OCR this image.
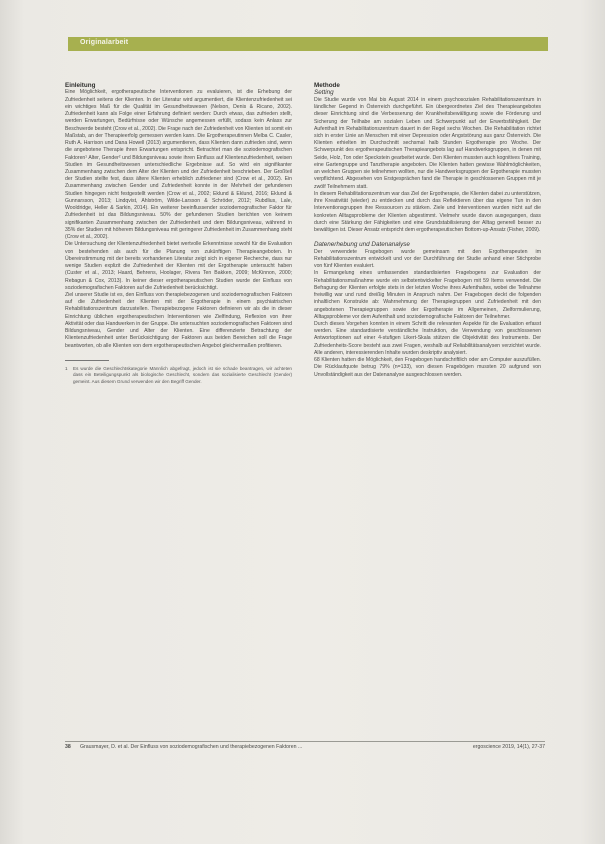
Originalarbeit
Einleitung

Eine Möglichkeit, ergotherapeutische Interventionen zu evaluieren, ist die Erhebung der Zufriedenheit seitens der Klienten. In der Literatur wird argumentiert, die Klientenzufriedenheit sei ein wichtiges Maß für die Qualität im Gesundheitswesen (Nelson, Denis & Ricano, 2002). Zufriedenheit kann als Folge einer Erfahrung definiert werden: Durch etwas, das zufrieden stellt, werden Erwartungen, Bedürfnisse oder Wünsche angemessen erfüllt, sodass kein Anlass zur Beschwerde besteht (Crow et al., 2002). Die Frage nach der Zufriedenheit von Klienten ist somit ein Maßstab, an der Therapieerfolg gemessen werden kann. Die Ergotherapeutinnen Melba C. Casler, Ruth A. Harrison und Dana Howell (2013) argumentieren, dass Klienten dann zufrieden sind, wenn die angebotene Therapie ihren Erwartungen entspricht. Betrachtet man die soziodemografischen Faktoren¹ Alter, Gender² und Bildungsniveau sowie ihren Einfluss auf Klientenzufriedenheit, weisen Studien im Gesundheitswesen unterschiedliche Ergebnisse auf. So wird ein signifikanter Zusammenhang zwischen dem Alter der Klienten und der Zufriedenheit beschrieben. Der Großteil der Studien stellte fest, dass ältere Klienten erheblich zufriedener sind (Crow et al., 2002). Ein Zusammenhang zwischen Gender und Zufriedenheit konnte in der Mehrheit der gefundenen Studien hingegen nicht festgestellt werden (Crow et al., 2002; Eklund & Eklund, 2016; Eklund & Gunnarsson, 2013; Lindqvist, Ahlström, Wilde-Larsson & Schröder, 2012; Rubdlius, Lale, Wooldridge, Heller & Sarkin, 2014). Ein weiterer beeinflussender soziodemografischer Faktor für Zufriedenheit ist das Bildungsniveau. 50% der gefundenen Studien berichten von keinem signifikanten Zusammenhang zwischen der Zufriedenheit und dem Bildungsniveau, während in 35% der Studien mit höherem Bildungsniveau mit geringerer Zufriedenheit im Zusammenhang steht (Crow et al., 2002).

Die Untersuchung der Klientenzufriedenheit bietet wertvolle Erkenntnisse sowohl für die Evaluation von bestehenden als auch für die Planung von zukünftigen Therapieangeboten. In Übereinstimmung mit der bereits vorhandenen Literatur zeigt sich in eigener Recherche, dass nur wenige Studien explizit die Zufriedenheit der Klienten mit der Ergotherapie untersucht haben (Custer et al., 2013; Haard, Behrens, Hoolager, Rivera Ten Bakken, 2009; McKinnon, 2000; Rebagun & Cox, 2013). In keiner dieser ergotherapeutischen Studien wurde der Einfluss von soziodemografischen Faktoren auf die Zufriedenheit berücksichtigt.

Ziel unserer Studie ist es, den Einfluss von therapiebezogenen und soziodemografischen Faktoren auf die Zufriedenheit der Klienten mit der Ergotherapie in einem psychiatrischen Rehabilitationszentrum darzustellen. Therapiebezogene Faktoren definieren wir als die in dieser Einrichtung üblichen ergotherapeutischen Interventionen wie Zielfindung, Reflexion von ihrer Aktivität oder das Handwerken in der Gruppe. Die untersuchten soziodemografischen Faktoren sind Bildungsniveau, Gender und Alter der Klienten. Eine differenzierte Betrachtung der Klientenzufriedenheit unter Berücksichtigung der Faktoren aus beiden Bereichen soll die Frage beantworten, ob alle Klienten von dem ergotherapeutischen Angebot gleichermaßen profitieren.

1 Es wurde die Geschlechtskategorie Männlich abgefragt, jedoch ist sie schade beantragen, wir achteten dass ein Beteiligungspunkt als biologische Geschlecht, sondern das sozialisierte Geschlecht (Gender) gemeint. Aus diesem Grund verwenden wir den Begriff Gender.
Methode
Setting

Die Studie wurde von Mai bis August 2014 in einem psychosozialen Rehabilitationszentrum in ländlicher Gegend in Österreich durchgeführt. Ein übergeordnetes Ziel des Therapieangebotes dieser Einrichtung sind die Verbesserung der Krankheitsbewältigung sowie die Förderung und Sicherung der Teilhabe am sozialen Leben und Schwerpunkt auf der Erwerbsfähigkeit. Der Aufenthalt im Rehabilitationszentrum dauert in der Regel sechs Wochen. Die Rehabilitation richtet sich in erster Linie an Menschen mit einer Depression oder Angststörung aus ganz Österreich. Die Klienten erhielten im Durchschnitt sechsmal halb Stunden Ergotherapie pro Woche. Der Schwerpunkt des ergotherapeutischen Therapieangebots lag auf Handwerksgruppen, in denen mit Seide, Holz, Ton oder Speckstein gearbeitet wurde. Den Klienten mussten auch kognitives Training, eine Gartengruppe und Tanztherapie angeboten. Die Klienten hatten gewisse Wahlmöglichkeiten, an welchen Gruppen sie teilnehmen wollten, nur die Handwerksgruppen der Ergotherapie mussten verpflichtend. Abgesehen von Erstgesprächen fand die Therapie in geschlossenen Gruppen mit je zwölf Teilnehmern statt.

In diesem Rehabilitationszentrum war das Ziel der Ergotherapie, die Klienten dabei zu unterstützen, ihre Kreativität (wieder) zu entdecken und durch das Reflektieren über das eigene Tun in den Interventionsgruppen ihre Ressourcen zu stärken. Ziele und Interventionen wurden nicht auf die konkreten Alltagsprobleme der Klienten abgestimmt. Vielmehr wurde davon ausgegangen, dass durch eine Stärkung der Fähigkeiten und eine Grundstabilisierung der Alltag generell besser zu bewältigen ist. Dieser Ansatz entspricht dem ergotherapeutischen Bottom-up-Ansatz (Fisher, 2009).

Datenerhebung und Datenanalyse

Der verwendete Fragebogen wurde gemeinsam mit den Ergotherapeuten im Rehabilitationszentrum entwickelt und vor der Durchführung der Studie anhand einer Stichprobe von fünf Klienten evaluiert.

In Ermangelung eines umfassenden standardisierten Fragebogens zur Evaluation der Rehabilitationsmaßnahme wurde ein selbstentwickelter Fragebogen mit 59 Items verwendet. Die Befragung der Klienten erfolgte stets in der letzten Woche ihres Aufenthaltes, wobei die Teilnahme freiwillig war und rund dreißig Minuten in Anspruch nahm. Der Fragebogen deckt die folgenden inhaltlichen Konstrukte ab: Wahrnehmung der Therapiegruppen und Zufriedenheit mit den angebotenen Therapiegruppen sowie der Ergotherapie im Allgemeinen, Zielformulierung, Alltagsprobleme vor dem Aufenthalt und soziodemografische Faktoren der Teilnehmer.

Durch dieses Vorgehen konnten in einem Schritt die relevanten Aspekte für die Evaluation erfasst werden. Eine standardisierte verständliche Instruktion, die Verwendung von geschlossenen Antwortoptionen auf einer 4-stufigen Likert-Skala stützen die Objektivität des Instruments. Der Zufriedenheits-Score besteht aus zwei Fragen, weshalb auf Reliabilitätsanalysen verzichtet wurde. Alle anderen, interessierenden Inhalte wurden deskriptiv analysiert.

68 Klienten hatten die Möglichkeit, den Fragebogen handschriftlich oder am Computer auszufüllen. Die Rücklaufquote betrug 79% (n=133), von diesen Fragebögen mussten 20 aufgrund von Unvollständigkeit aus der Datenanalyse ausgeschlossen werden.

38 Grausmayer, D. et al. Der Einfluss von soziodemografischen und therapiebezogenen Faktoren ...	ergoscience 2019, 14(1), 27-37
